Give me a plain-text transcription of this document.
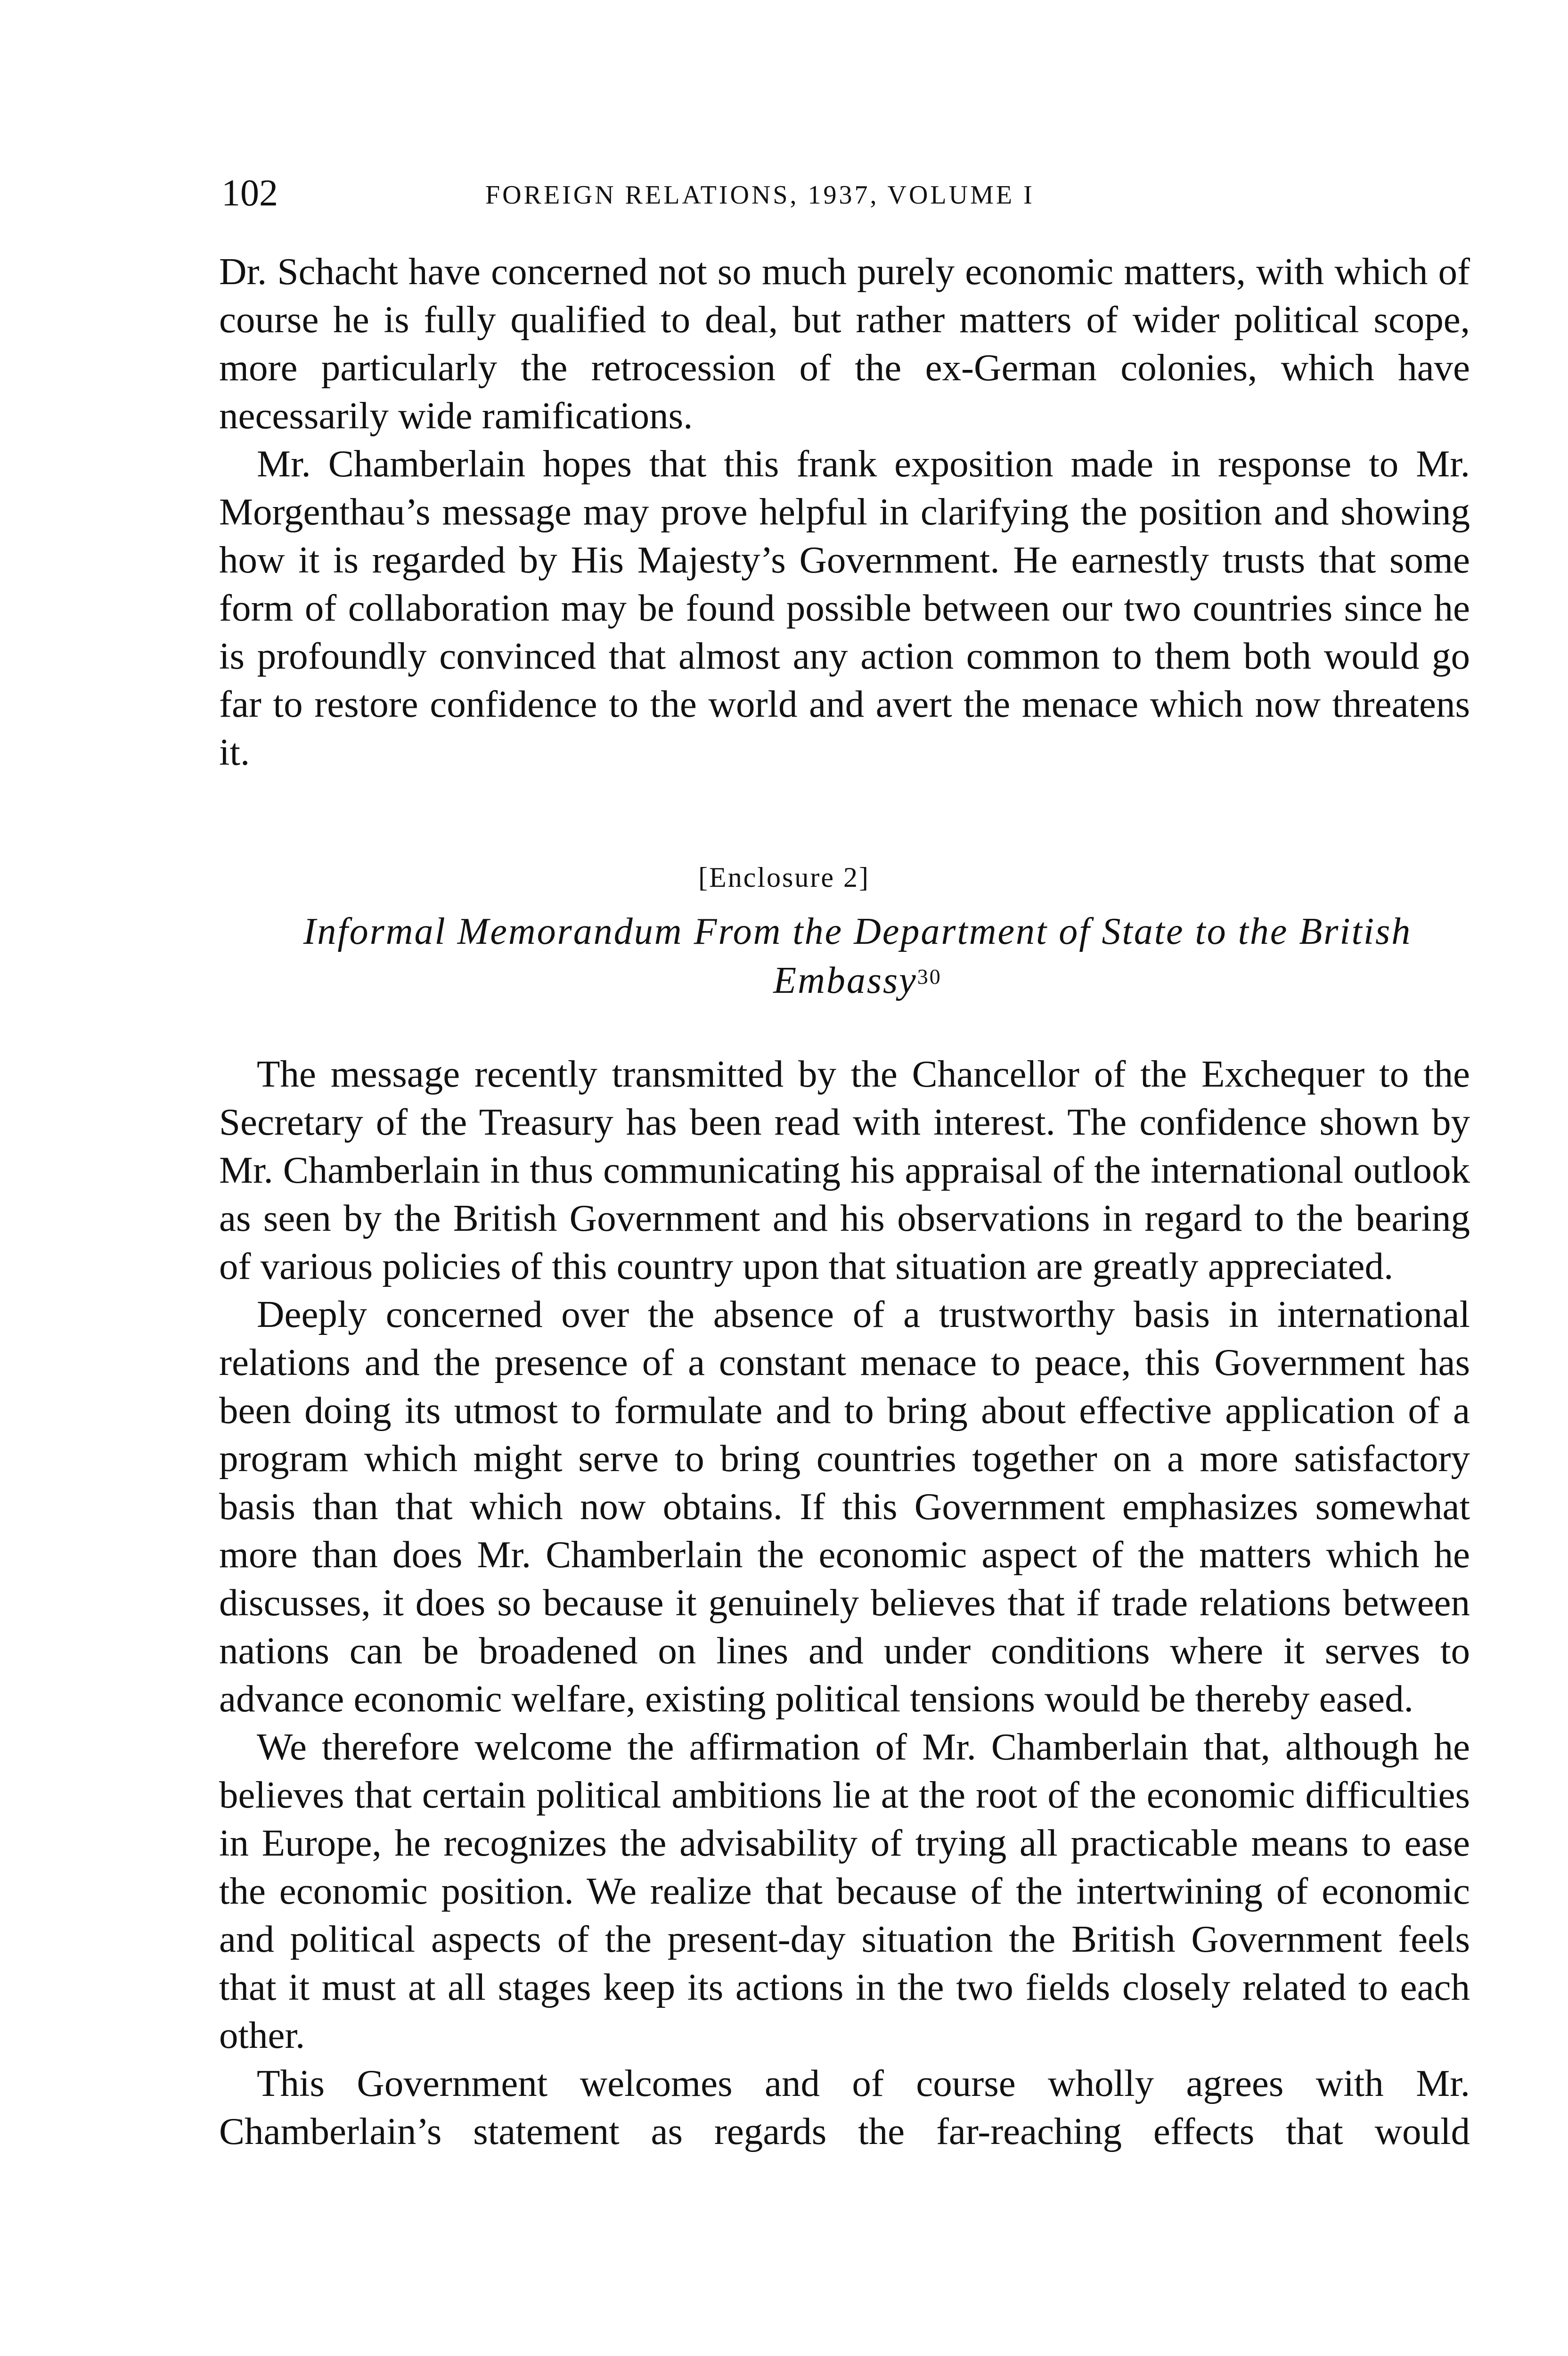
102	FOREIGN RELATIONS, 1937, VOLUME I

Dr. Schacht have concerned not so much purely economic matters, with which of course he is fully qualified to deal, but rather matters of wider political scope, more particularly the retrocession of the ex-German colonies, which have necessarily wide ramifications.

Mr. Chamberlain hopes that this frank exposition made in response to Mr. Morgenthau’s message may prove helpful in clarifying the position and showing how it is regarded by His Majesty’s Government. He earnestly trusts that some form of collaboration may be found possible between our two countries since he is profoundly convinced that almost any action common to them both would go far to restore confidence to the world and avert the menace which now threatens it.

[Enclosure 2]
Informal Memorandum From the Department of State to the British Embassy$^{30}$

The message recently transmitted by the Chancellor of the Exchequer to the Secretary of the Treasury has been read with interest. The confidence shown by Mr. Chamberlain in thus communicating his appraisal of the international outlook as seen by the British Government and his observations in regard to the bearing of various policies of this country upon that situation are greatly appreciated.

Deeply concerned over the absence of a trustworthy basis in international relations and the presence of a constant menace to peace, this Government has been doing its utmost to formulate and to bring about effective application of a program which might serve to bring countries together on a more satisfactory basis than that which now obtains. If this Government emphasizes somewhat more than does Mr. Chamberlain the economic aspect of the matters which he discusses, it does so because it genuinely believes that if trade relations between nations can be broadened on lines and under conditions where it serves to advance economic welfare, existing political tensions would be thereby eased.

We therefore welcome the affirmation of Mr. Chamberlain that, although he believes that certain political ambitions lie at the root of the economic difficulties in Europe, he recognizes the advisability of trying all practicable means to ease the economic position. We realize that because of the intertwining of economic and political aspects of the present-day situation the British Government feels that it must at all stages keep its actions in the two fields closely related to each other.

This Government welcomes and of course wholly agrees with Mr. Chamberlain’s statement as regards the far-reaching effects that would
